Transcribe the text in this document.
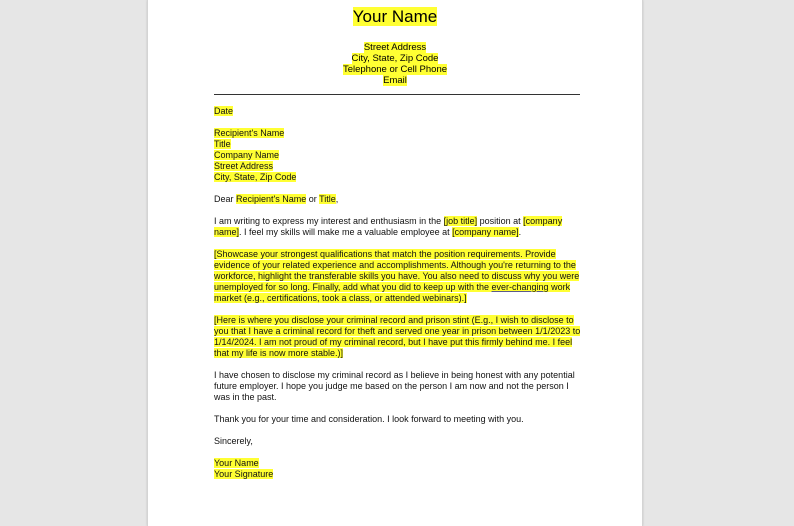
Your Name
Street Address
City, State, Zip Code
Telephone or Cell Phone
Email

Date

Recipient's Name
Title
Company Name
Street Address
City, State, Zip Code

Dear Recipient's Name or Title,

I am writing to express my interest and enthusiasm in the [job title] position at [company name]. I feel my skills will make me a valuable employee at [company name].

[Showcase your strongest qualifications that match the position requirements. Provide evidence of your related experience and accomplishments. Although you're returning to the workforce, highlight the transferable skills you have. You also need to discuss why you were unemployed for so long. Finally, add what you did to keep up with the ever-changing work market (e.g., certifications, took a class, or attended webinars).]

[Here is where you disclose your criminal record and prison stint (E.g., I wish to disclose to you that I have a criminal record for theft and served one year in prison between 1/1/2023 to 1/14/2024. I am not proud of my criminal record, but I have put this firmly behind me. I feel that my life is now more stable.)]

I have chosen to disclose my criminal record as I believe in being honest with any potential future employer. I hope you judge me based on the person I am now and not the person I was in the past.

Thank you for your time and consideration. I look forward to meeting with you.

Sincerely,

Your Name
Your Signature
